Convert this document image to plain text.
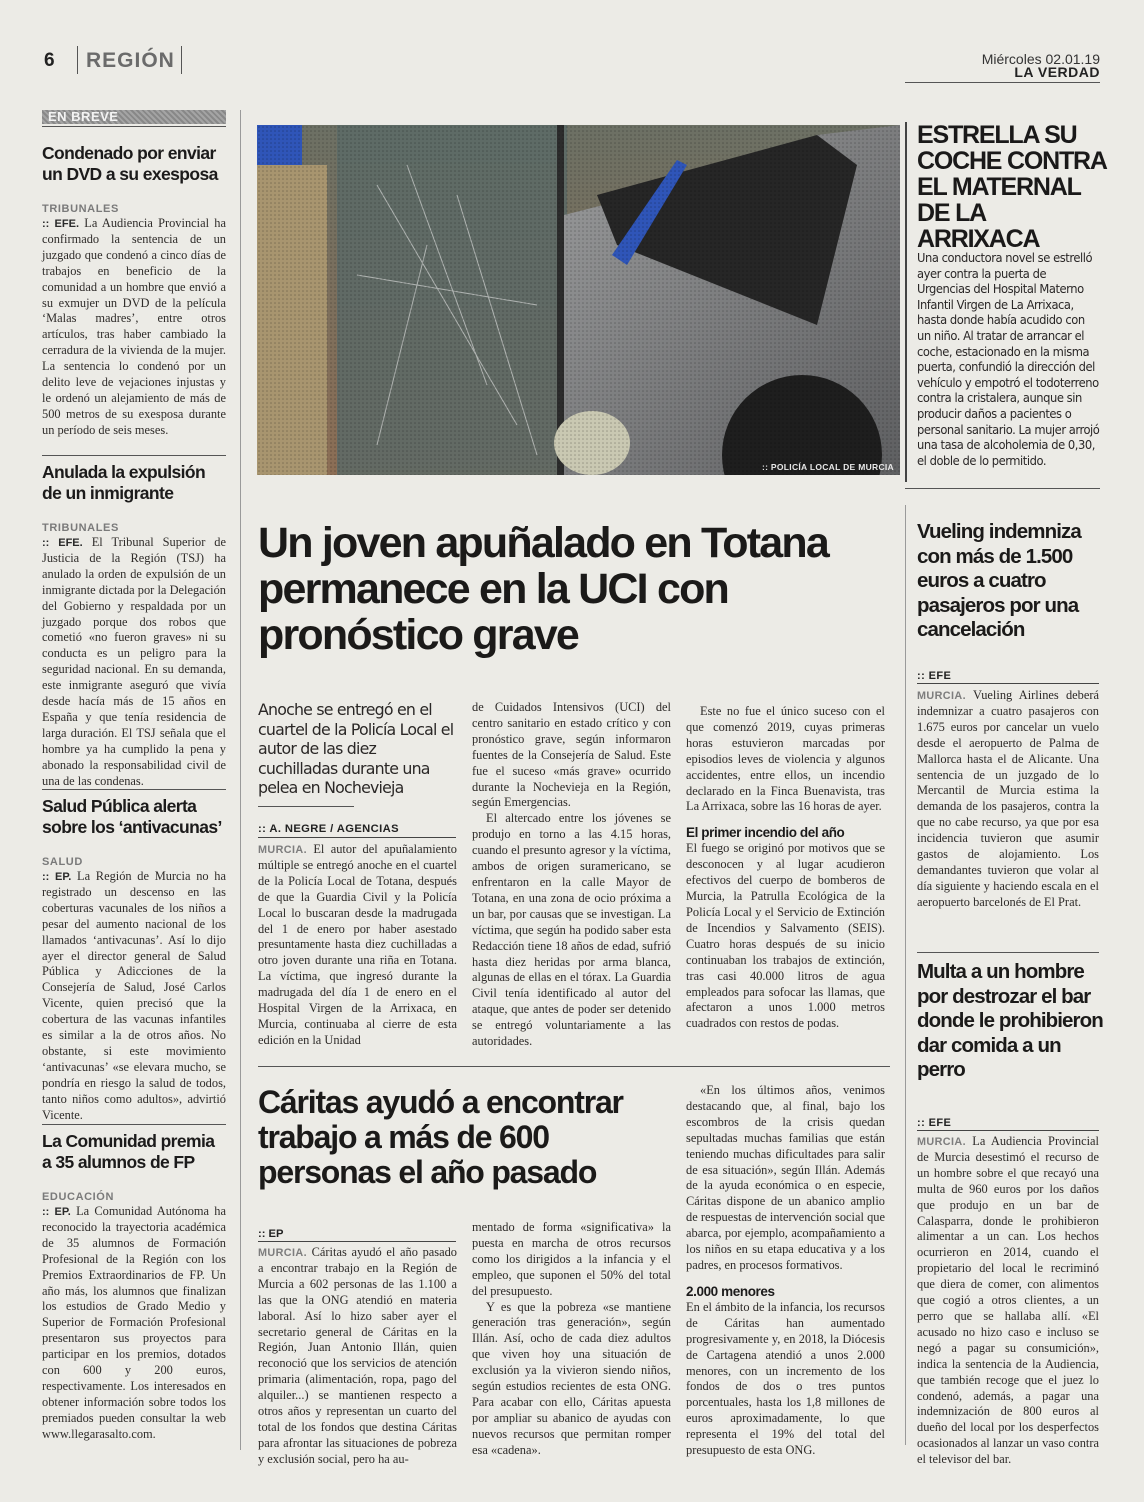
6 REGIÓN	Miércoles 02.01.19
LA VERDAD
EN BREVE
Condenado por enviar un DVD a su exesposa
TRIBUNALES

:: EFE. La Audiencia Provincial ha confirmado la sentencia de un juzgado que condenó a cinco días de trabajos en beneficio de la comunidad a un hombre que envió a su exmujer un DVD de la película ‘Malas madres’, entre otros artículos, tras haber cambiado la cerradura de la vivienda de la mujer. La sentencia lo condenó por un delito leve de vejaciones injustas y le ordenó un alejamiento de más de 500 metros de su exesposa durante un período de seis meses.

Anulada la expulsión de un inmigrante
TRIBUNALES

:: EFE. El Tribunal Superior de Justicia de la Región (TSJ) ha anulado la orden de expulsión de un inmigrante dictada por la Delegación del Gobierno y respaldada por un juzgado porque dos robos que cometió «no fueron graves» ni su conducta es un peligro para la seguridad nacional. En su demanda, este inmigrante aseguró que vivía desde hacía más de 15 años en España y que tenía residencia de larga duración. El TSJ señala que el hombre ya ha cumplido la pena y abonado la responsabilidad civil de una de las condenas.

Salud Pública alerta sobre los ‘antivacunas’
SALUD

:: EP. La Región de Murcia no ha registrado un descenso en las coberturas vacunales de los niños a pesar del aumento nacional de los llamados ‘antivacunas’. Así lo dijo ayer el director general de Salud Pública y Adicciones de la Consejería de Salud, José Carlos Vicente, quien precisó que la cobertura de las vacunas infantiles es similar a la de otros años. No obstante, si este movimiento ‘antivacunas’ «se elevara mucho, se pondría en riesgo la salud de todos, tanto niños como adultos», advirtió Vicente.

La Comunidad premia a 35 alumnos de FP
EDUCACIÓN

:: EP. La Comunidad Autónoma ha reconocido la trayectoria académica de 35 alumnos de Formación Profesional de la Región con los Premios Extraordinarios de FP. Un año más, los alumnos que finalizan los estudios de Grado Medio y Superior de Formación Profesional presentaron sus proyectos para participar en los premios, dotados con 600 y 200 euros, respectivamente. Los interesados en obtener información sobre todos los premiados pueden consultar la web www.llegarasalto.com.

:: POLICÍA LOCAL DE MURCIA
ESTRELLA SU COCHE CONTRA EL MATERNAL DE LA ARRIXACA
Una conductora novel se estrelló ayer contra la puerta de Urgencias del Hospital Materno Infantil Virgen de La Arrixaca, hasta donde había acudido con un niño. Al tratar de arrancar el coche, estacionado en la misma puerta, confundió la dirección del vehículo y empotró el todoterreno contra la cristalera, aunque sin producir daños a pacientes o personal sanitario. La mujer arrojó una tasa de alcoholemia de 0,30, el doble de lo permitido.
Un joven apuñalado en Totana permanece en la UCI con pronóstico grave
Anoche se entregó en el cuartel de la Policía Local el autor de las diez cuchilladas durante una pelea en Nochevieja
:: A. NEGRE / AGENCIAS
MURCIA. El autor del apuñalamiento múltiple se entregó anoche en el cuartel de la Policía Local de Totana, después de que la Guardia Civil y la Policía Local lo buscaran desde la madrugada del 1 de enero por haber asestado presuntamente hasta diez cuchilladas a otro joven durante una riña en Totana. La víctima, que ingresó durante la madrugada del día 1 de enero en el Hospital Virgen de la Arrixaca, en Murcia, continuaba al cierre de esta edición en la Unidad
de Cuidados Intensivos (UCI) del centro sanitario en estado crítico y con pronóstico grave, según informaron fuentes de la Consejería de Salud. Este fue el suceso «más grave» ocurrido durante la Nochevieja en la Región, según Emergencias.
El altercado entre los jóvenes se produjo en torno a las 4.15 horas, cuando el presunto agresor y la víctima, ambos de origen suramericano, se enfrentaron en la calle Mayor de Totana, en una zona de ocio próxima a un bar, por causas que se investigan. La víctima, que según ha podido saber esta Redacción tiene 18 años de edad, sufrió hasta diez heridas por arma blanca, algunas de ellas en el tórax. La Guardia Civil tenía identificado al autor del ataque, que antes de poder ser detenido se entregó voluntariamente a las autoridades.
Este no fue el único suceso con el que comenzó 2019, cuyas primeras horas estuvieron marcadas por episodios leves de violencia y algunos accidentes, entre ellos, un incendio declarado en la Finca Buenavista, tras La Arrixaca, sobre las 16 horas de ayer.
El primer incendio del año
El fuego se originó por motivos que se desconocen y al lugar acudieron efectivos del cuerpo de bomberos de Murcia, la Patrulla Ecológica de la Policía Local y el Servicio de Extinción de Incendios y Salvamento (SEIS). Cuatro horas después de su inicio continuaban los trabajos de extinción, tras casi 40.000 litros de agua empleados para sofocar las llamas, que afectaron a unos 1.000 metros cuadrados con restos de podas.
Vueling indemniza con más de 1.500 euros a cuatro pasajeros por una cancelación
:: EFE
MURCIA. Vueling Airlines deberá indemnizar a cuatro pasajeros con 1.675 euros por cancelar un vuelo desde el aeropuerto de Palma de Mallorca hasta el de Alicante. Una sentencia de un juzgado de lo Mercantil de Murcia estima la demanda de los pasajeros, contra la que no cabe recurso, ya que por esa incidencia tuvieron que asumir gastos de alojamiento. Los demandantes tuvieron que volar al día siguiente y haciendo escala en el aeropuerto barcelonés de El Prat.
Multa a un hombre por destrozar el bar donde le prohibieron dar comida a un perro
:: EFE
MURCIA. La Audiencia Provincial de Murcia desestimó el recurso de un hombre sobre el que recayó una multa de 960 euros por los daños que produjo en un bar de Calasparra, donde le prohibieron alimentar a un can. Los hechos ocurrieron en 2014, cuando el propietario del local le recriminó que diera de comer, con alimentos que cogió a otros clientes, a un perro que se hallaba allí. «El acusado no hizo caso e incluso se negó a pagar su consumición», indica la sentencia de la Audiencia, que también recoge que el juez lo condenó, además, a pagar una indemnización de 800 euros al dueño del local por los desperfectos ocasionados al lanzar un vaso contra el televisor del bar.
Cáritas ayudó a encontrar trabajo a más de 600 personas el año pasado
:: EP
MURCIA. Cáritas ayudó el año pasado a encontrar trabajo en la Región de Murcia a 602 personas de las 1.100 a las que la ONG atendió en materia laboral. Así lo hizo saber ayer el secretario general de Cáritas en la Región, Juan Antonio Illán, quien reconoció que los servicios de atención primaria (alimentación, ropa, pago del alquiler...) se mantienen respecto a otros años y representan un cuarto del total de los fondos que destina Cáritas para afrontar las situaciones de pobreza y exclusión social, pero ha au-
mentado de forma «significativa» la puesta en marcha de otros recursos como los dirigidos a la infancia y el empleo, que suponen el 50% del total del presupuesto.
Y es que la pobreza «se mantiene generación tras generación», según Illán. Así, ocho de cada diez adultos que viven hoy una situación de exclusión ya la vivieron siendo niños, según estudios recientes de esta ONG. Para acabar con ello, Cáritas apuesta por ampliar su abanico de ayudas con nuevos recursos que permitan romper esa «cadena».
«En los últimos años, venimos destacando que, al final, bajo los escombros de la crisis quedan sepultadas muchas familias que están teniendo muchas dificultades para salir de esa situación», según Illán. Además de la ayuda económica o en especie, Cáritas dispone de un abanico amplio de respuestas de intervención social que abarca, por ejemplo, acompañamiento a los niños en su etapa educativa y a los padres, en procesos formativos.
2.000 menores
En el ámbito de la infancia, los recursos de Cáritas han aumentado progresivamente y, en 2018, la Diócesis de Cartagena atendió a unos 2.000 menores, con un incremento de los fondos de dos o tres puntos porcentuales, hasta los 1,8 millones de euros aproximadamente, lo que representa el 19% del total del presupuesto de esta ONG.
